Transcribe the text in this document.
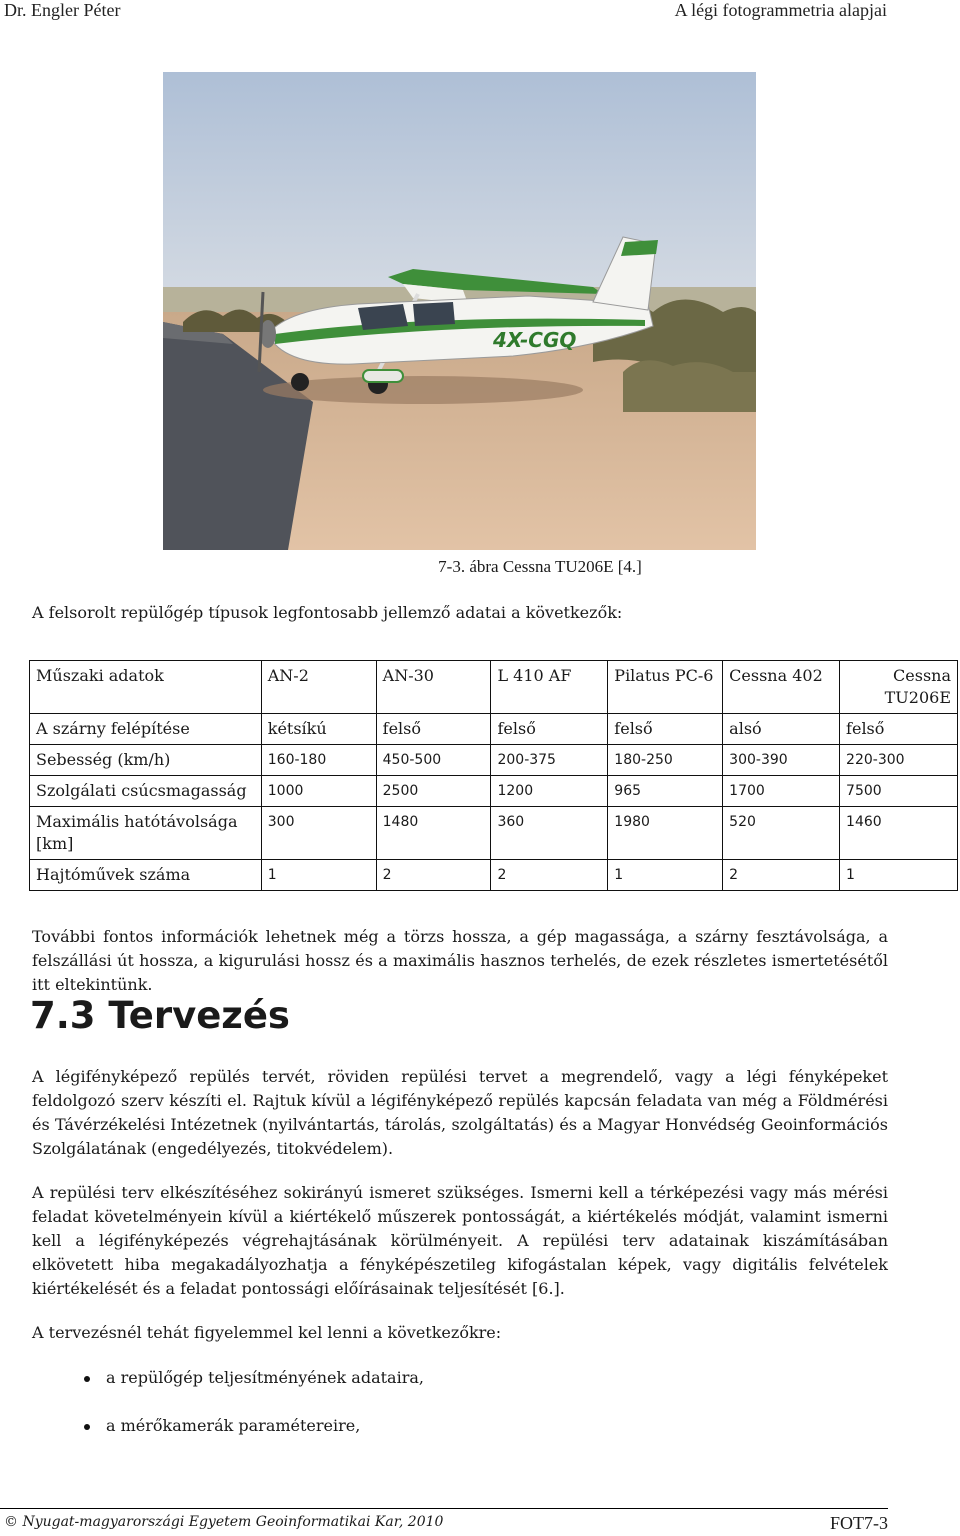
Dr. Engler Péter	A légi fotogrammetria alapjai
4X-CGQ
7-3. ábra Cessna TU206E [4.]
A felsorolt repülőgép típusok legfontosabb jellemző adatai a következők:
Műszaki adatok	AN-2	AN-30	L 410 AF	Pilatus PC-6	Cessna 402	Cessna TU206E
A szárny felépítése	kétsíkú	felső	felső	felső	alsó	felső
Sebesség (km/h)	160-180	450-500	200-375	180-250	300-390	220-300
Szolgálati csúcsmagasság	1000	2500	1200	965	1700	7500
Maximális hatótávolsága [km]	300	1480	360	1980	520	1460
Hajtóművek száma	1	2	2	1	2	1
További fontos információk lehetnek még a törzs hossza, a gép magassága, a szárny fesztávolsága, a felszállási út hossza, a kigurulási hossz és a maximális hasznos terhelés, de ezek részletes ismertetésétől itt eltekintünk.
7.3 Tervezés
A légifényképező repülés tervét, röviden repülési tervet a megrendelő, vagy a légi fényképeket feldolgozó szerv készíti el. Rajtuk kívül a légifényképező repülés kapcsán feladata van még a Földmérési és Távérzékelési Intézetnek (nyilvántartás, tárolás, szolgáltatás) és a Magyar Honvédség Geoinformációs Szolgálatának (engedélyezés, titokvédelem).
A repülési terv elkészítéséhez sokirányú ismeret szükséges. Ismerni kell a térképezési vagy más mérési feladat követelményein kívül a kiértékelő műszerek pontosságát, a kiértékelés módját, valamint ismerni kell a légifényképezés végrehajtásának körülményeit. A repülési terv adatainak kiszámításában elkövetett hiba megakadályozhatja a fényképészetileg kifogástalan képek, vagy digitális felvételek kiértékelését és a feladat pontossági előírásainak teljesítését [6.].
A tervezésnél tehát figyelemmel kel lenni a következőkre:
a repülőgép teljesítményének adataira,
a mérőkamerák paramétereire,
© Nyugat-magyarországi Egyetem Geoinformatikai Kar, 2010	FOT7-3
